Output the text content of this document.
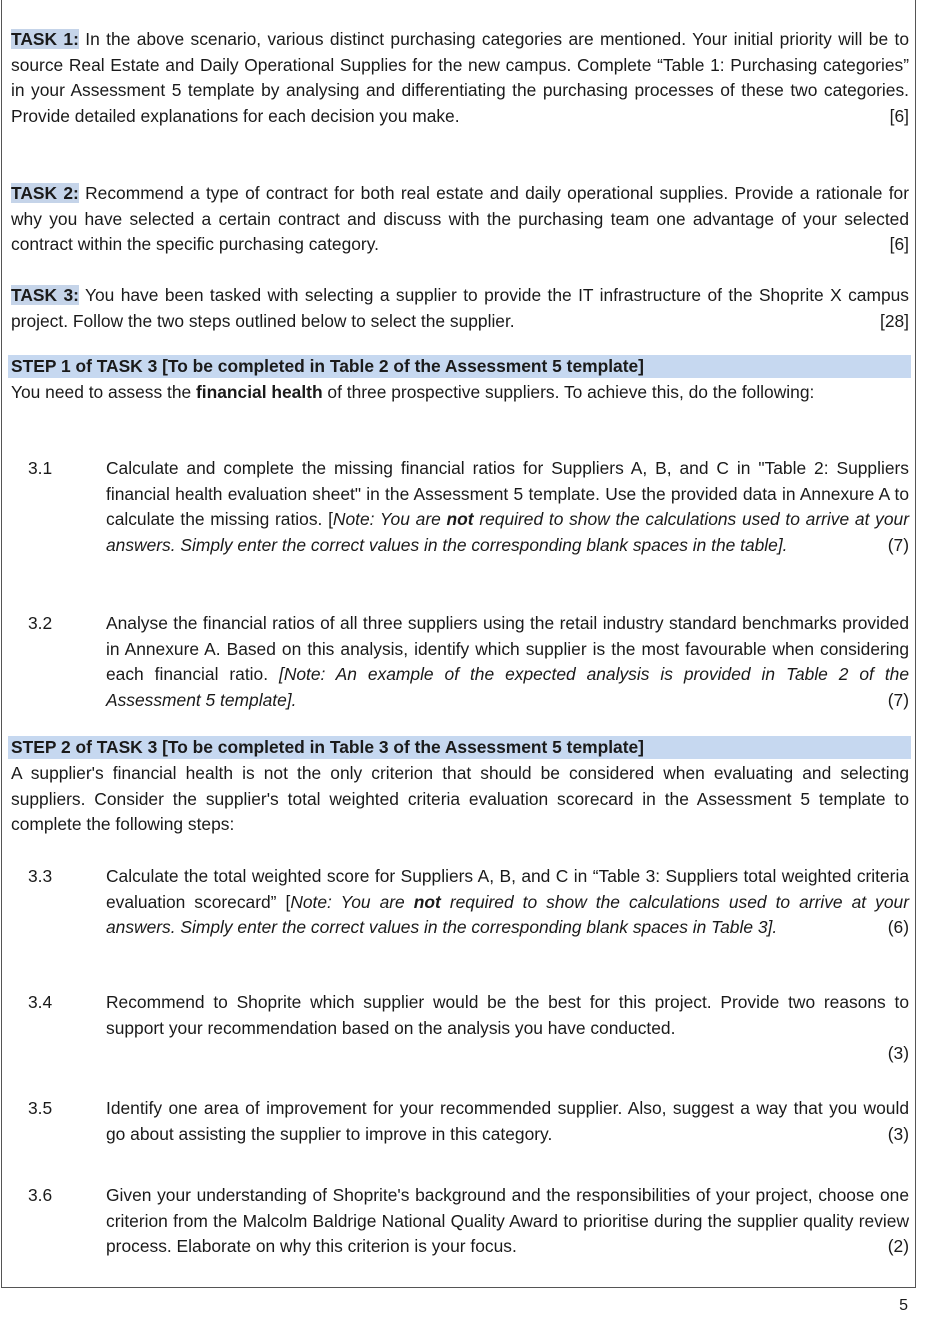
TASK 1: In the above scenario, various distinct purchasing categories are mentioned. Your initial priority will be to source Real Estate and Daily Operational Supplies for the new campus. Complete “Table 1: Purchasing categories” in your Assessment 5 template by analysing and differentiating the purchasing processes of these two categories. Provide detailed explanations for each decision you make.	[6]

TASK 2: Recommend a type of contract for both real estate and daily operational supplies. Provide a rationale for why you have selected a certain contract and discuss with the purchasing team one advantage of your selected contract within the specific purchasing category.	[6]

TASK 3: You have been tasked with selecting a supplier to provide the IT infrastructure of the Shoprite X campus project. Follow the two steps outlined below to select the supplier.	[28]

STEP 1 of TASK 3 [To be completed in Table 2 of the Assessment 5 template]

You need to assess the financial health of three prospective suppliers. To achieve this, do the following:

3.1	Calculate and complete the missing financial ratios for Suppliers A, B, and C in "Table 2: Suppliers financial health evaluation sheet" in the Assessment 5 template. Use the provided data in Annexure A to calculate the missing ratios. [Note: You are not required to show the calculations used to arrive at your answers. Simply enter the correct values in the corresponding blank spaces in the table].	(7)

3.2	Analyse the financial ratios of all three suppliers using the retail industry standard benchmarks provided in Annexure A. Based on this analysis, identify which supplier is the most favourable when considering each financial ratio. [Note: An example of the expected analysis is provided in Table 2 of the Assessment 5 template].	(7)

STEP 2 of TASK 3 [To be completed in Table 3 of the Assessment 5 template]

A supplier's financial health is not the only criterion that should be considered when evaluating and selecting suppliers. Consider the supplier's total weighted criteria evaluation scorecard in the Assessment 5 template to complete the following steps:

3.3	Calculate the total weighted score for Suppliers A, B, and C in “Table 3: Suppliers total weighted criteria evaluation scorecard” [Note: You are not required to show the calculations used to arrive at your answers. Simply enter the correct values in the corresponding blank spaces in Table 3].	(6)

3.4	Recommend to Shoprite which supplier would be the best for this project. Provide two reasons to support your recommendation based on the analysis you have conducted.

(3)

3.5	Identify one area of improvement for your recommended supplier. Also, suggest a way that you would go about assisting the supplier to improve in this category.	(3)

3.6	Given your understanding of Shoprite's background and the responsibilities of your project, choose one criterion from the Malcolm Baldrige National Quality Award to prioritise during the supplier quality review process. Elaborate on why this criterion is your focus.	(2)

5
